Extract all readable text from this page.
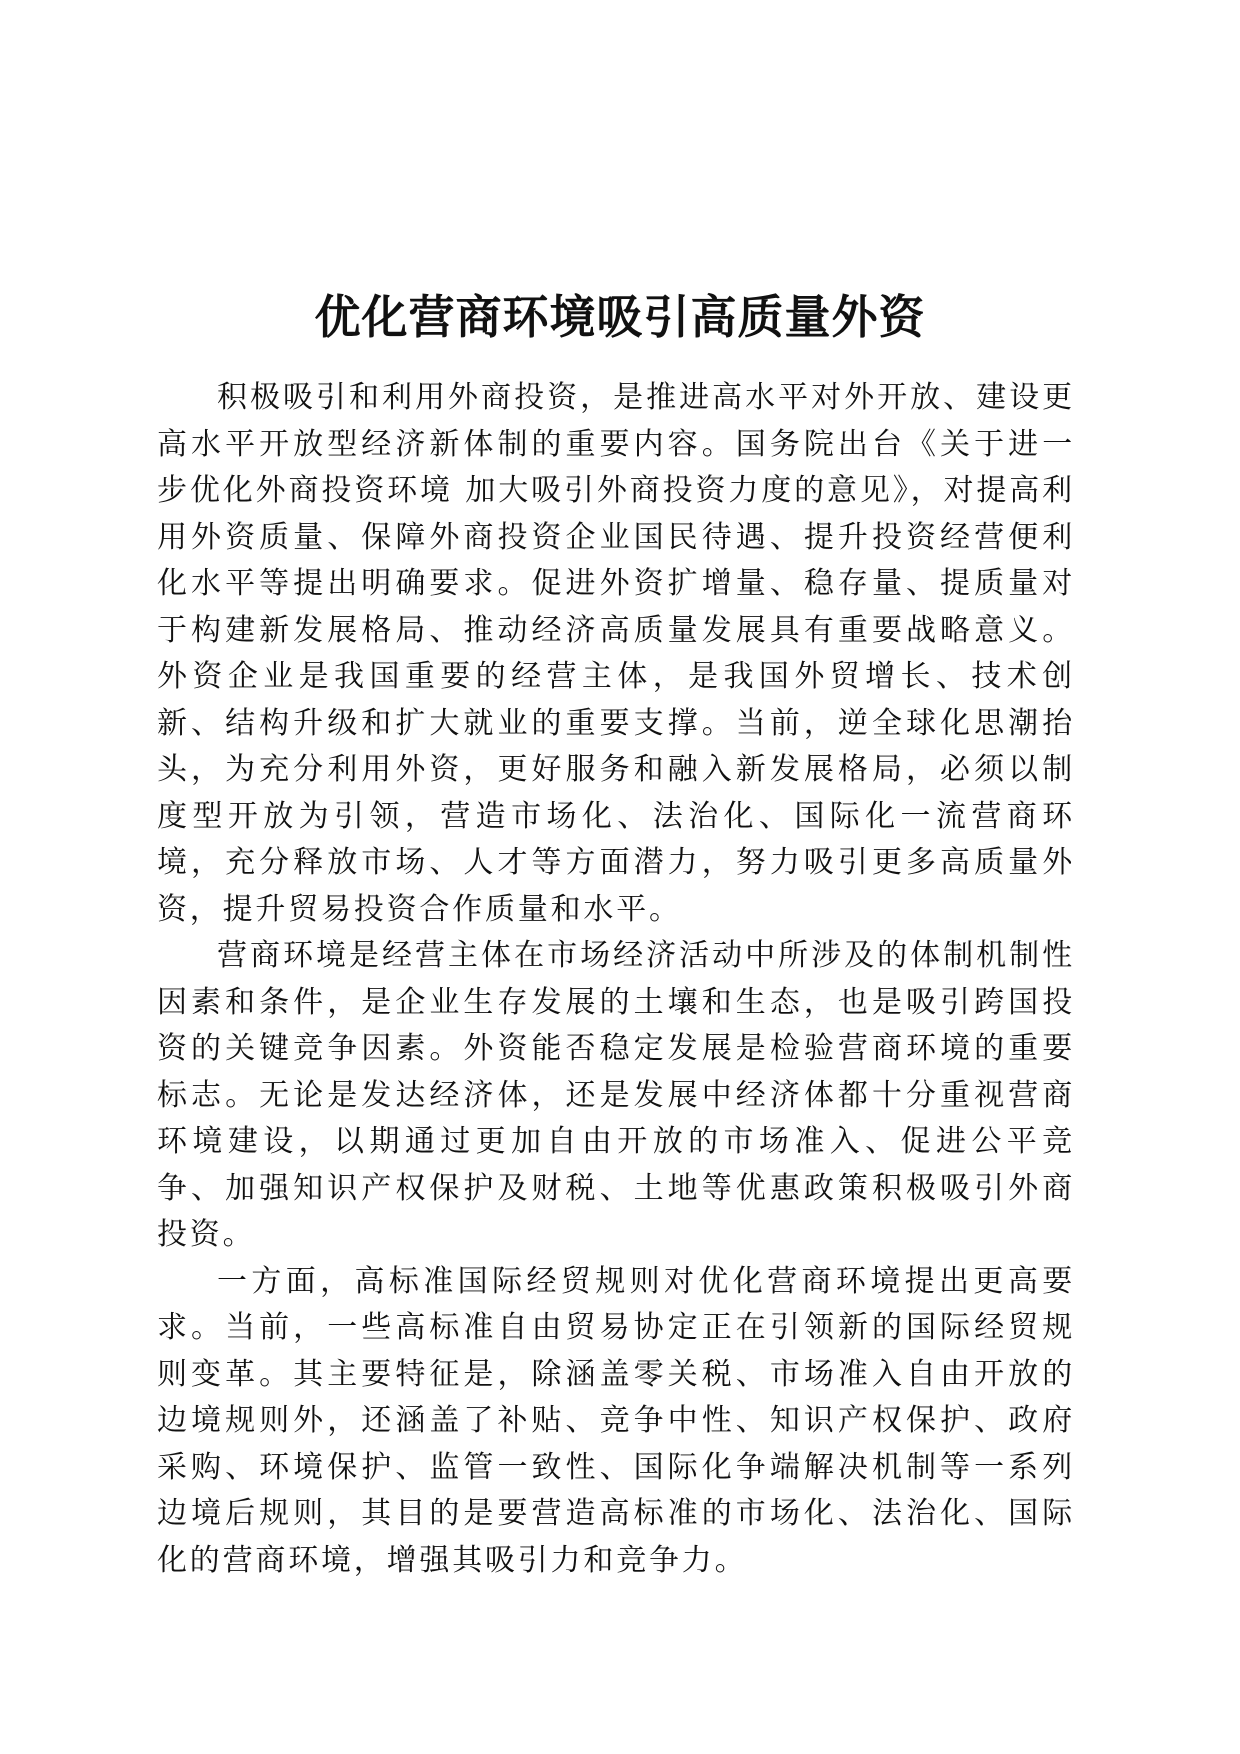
优化营商环境吸引高质量外资

积极吸引和利用外商投资，是推进高水平对外开放、建设更高水平开放型经济新体制的重要内容。国务院出台《关于进一步优化外商投资环境 加大吸引外商投资力度的意见》，对提高利用外资质量、保障外商投资企业国民待遇、提升投资经营便利化水平等提出明确要求。促进外资扩增量、稳存量、提质量对于构建新发展格局、推动经济高质量发展具有重要战略意义。外资企业是我国重要的经营主体，是我国外贸增长、技术创新、结构升级和扩大就业的重要支撑。当前，逆全球化思潮抬头，为充分利用外资，更好服务和融入新发展格局，必须以制度型开放为引领，营造市场化、法治化、国际化一流营商环境，充分释放市场、人才等方面潜力，努力吸引更多高质量外资，提升贸易投资合作质量和水平。

营商环境是经营主体在市场经济活动中所涉及的体制机制性因素和条件，是企业生存发展的土壤和生态，也是吸引跨国投资的关键竞争因素。外资能否稳定发展是检验营商环境的重要标志。无论是发达经济体，还是发展中经济体都十分重视营商环境建设，以期通过更加自由开放的市场准入、促进公平竞争、加强知识产权保护及财税、土地等优惠政策积极吸引外商投资。

一方面，高标准国际经贸规则对优化营商环境提出更高要求。当前，一些高标准自由贸易协定正在引领新的国际经贸规则变革。其主要特征是，除涵盖零关税、市场准入自由开放的边境规则外，还涵盖了补贴、竞争中性、知识产权保护、政府采购、环境保护、监管一致性、国际化争端解决机制等一系列边境后规则，其目的是要营造高标准的市场化、法治化、国际化的营商环境，增强其吸引力和竞争力。
